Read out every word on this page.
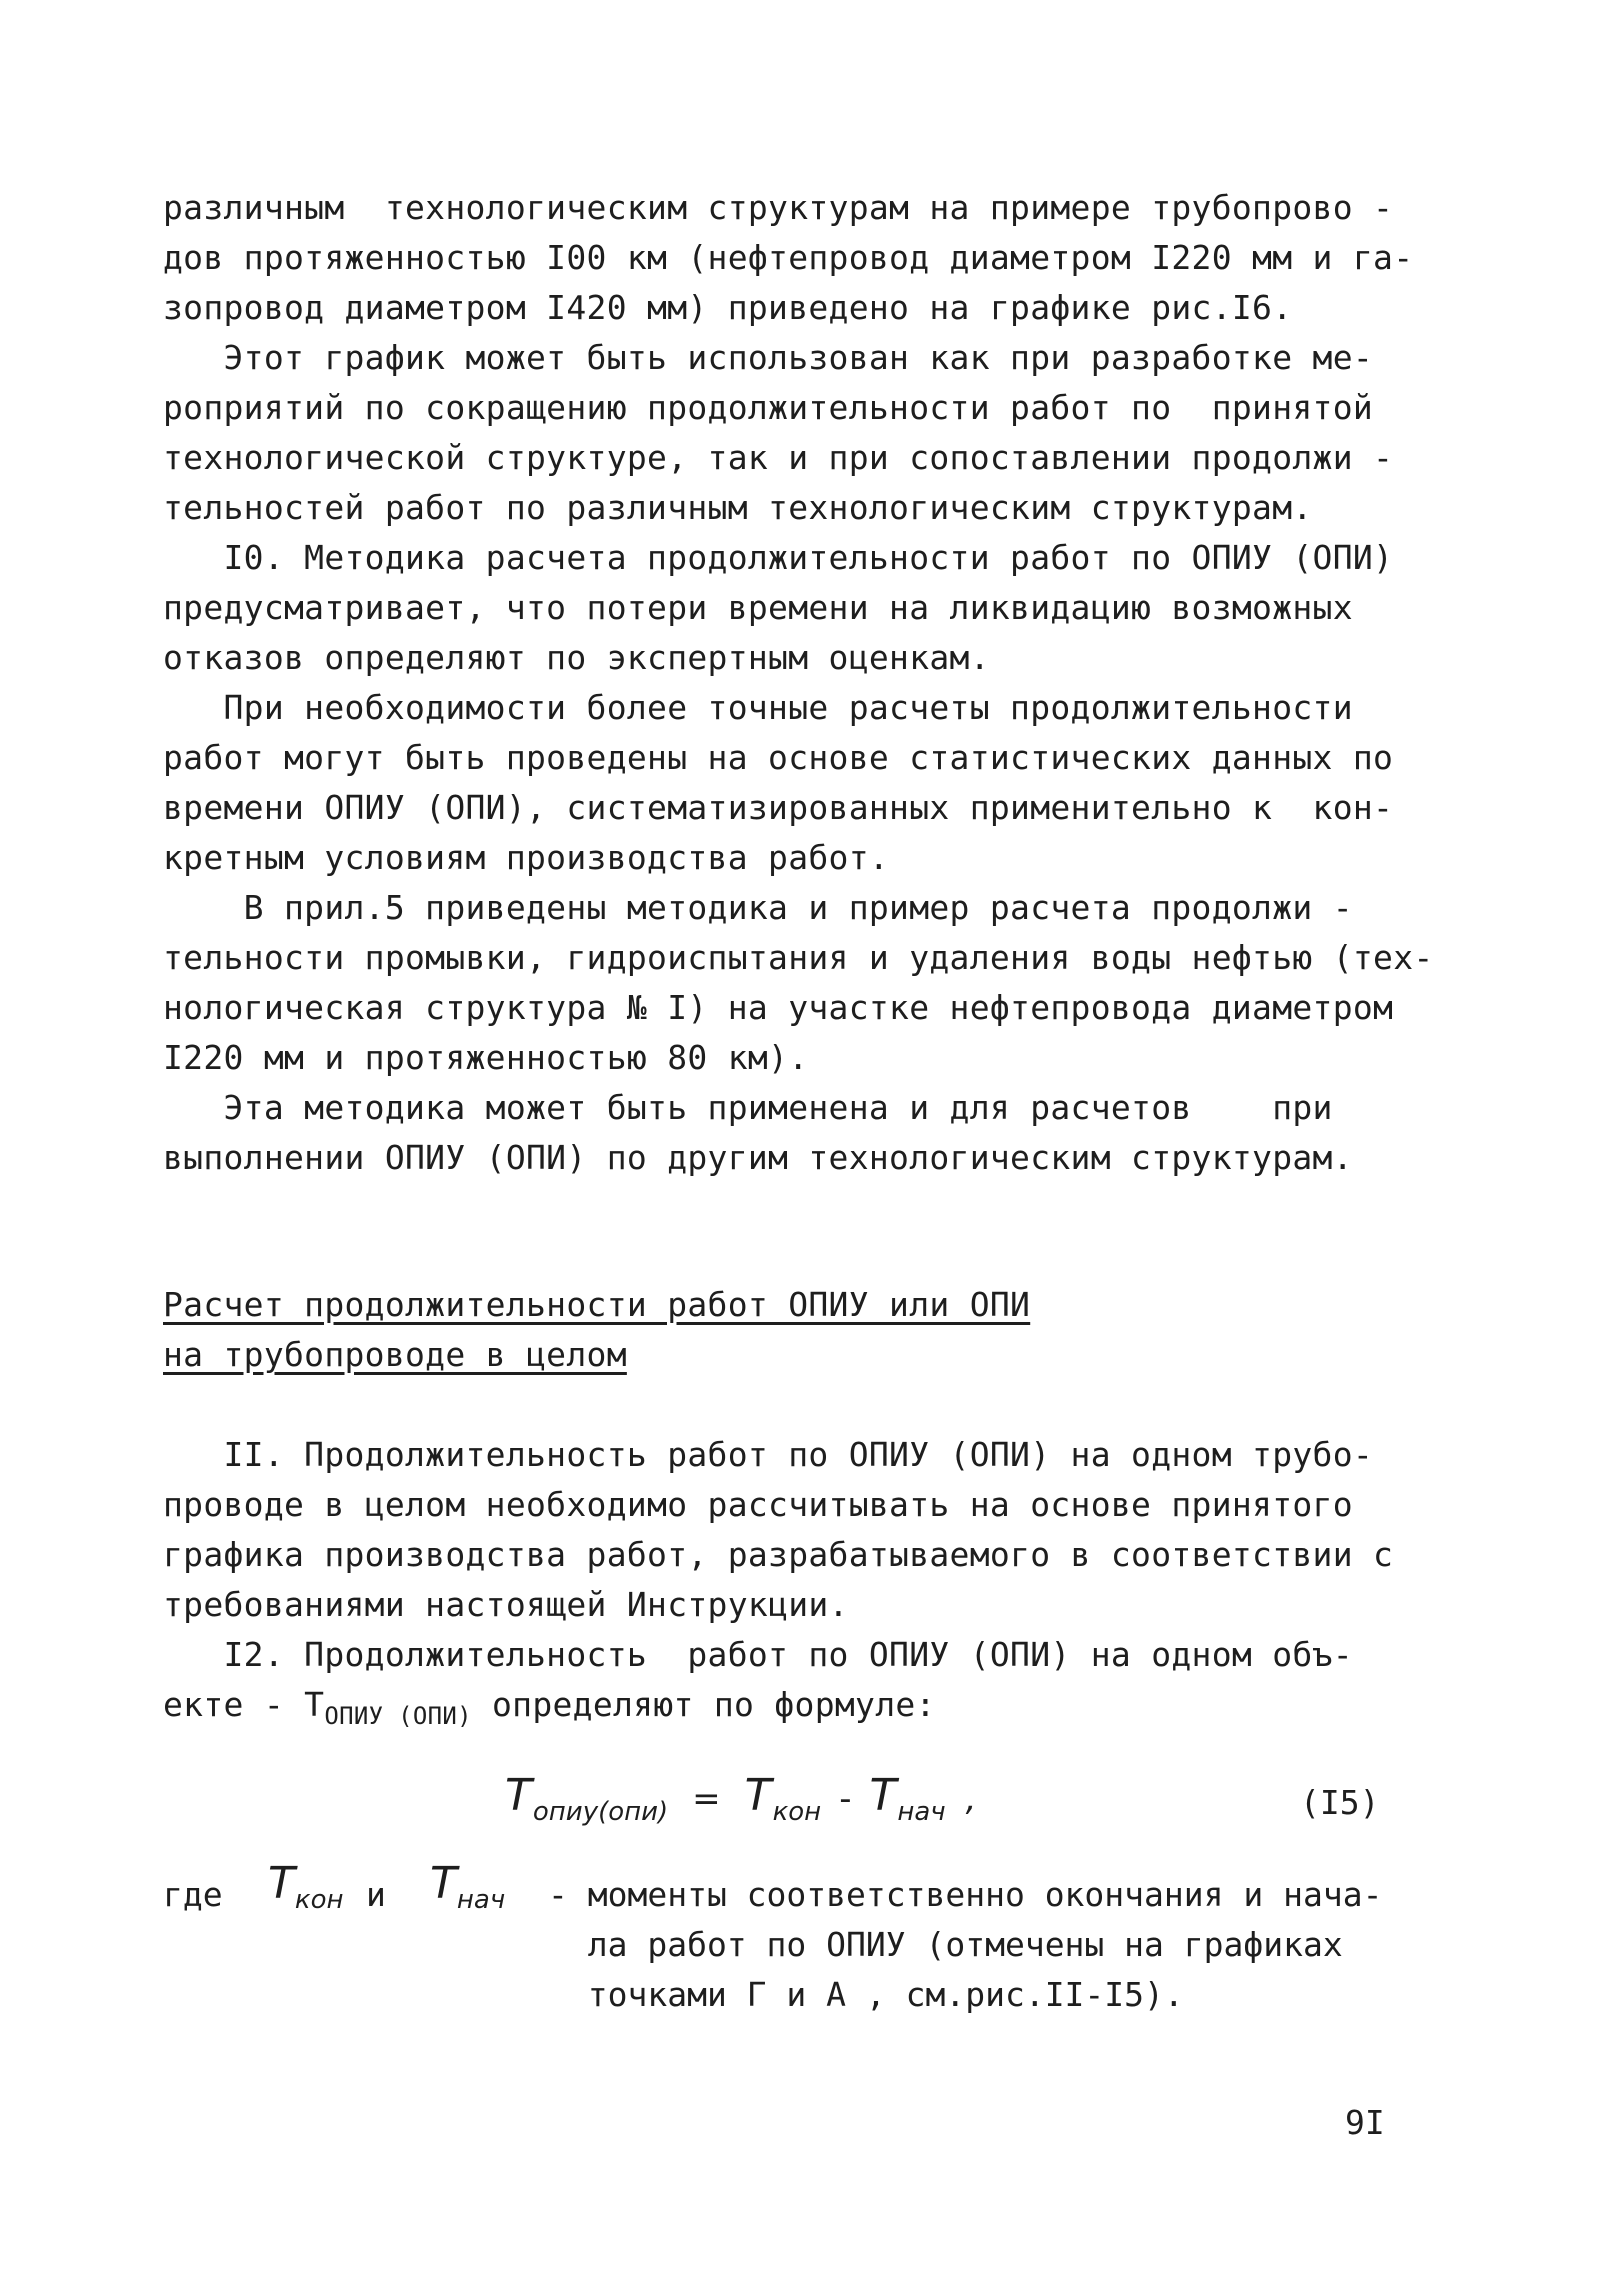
различным  технологическим структурам на примере трубопрово -
дов протяженностью I00 км (нефтепровод диаметром I220 мм и га-
зопровод диаметром I420 мм) приведено на графике рис.I6.
Этот график может быть использован как при разработке ме-
роприятий по сокращению продолжительности работ по  принятой
технологической структуре, так и при сопоставлении продолжи -
тельностей работ по различным технологическим структурам.
I0. Методика расчета продолжительности работ по ОПИУ (ОПИ)
предусматривает, что потери времени на ликвидацию возможных
отказов определяют по экспертным оценкам.
При необходимости более точные расчеты продолжительности
работ могут быть проведены на основе статистических данных по
времени ОПИУ (ОПИ), систематизированных применительно к  кон-
кретным условиям производства работ.
В прил.5 приведены методика и пример расчета продолжи -
тельности промывки, гидроиспытания и удаления воды нефтью (тех-
нологическая структура № I) на участке нефтепровода диаметром
I220 мм и протяженностью 80 км).
Эта методика может быть применена и для расчетов    при
выполнении ОПИУ (ОПИ) по другим технологическим структурам.
Расчет продолжительности работ ОПИУ или ОПИ
на трубопроводе в целом
II. Продолжительность работ по ОПИУ (ОПИ) на одном трубо-
проводе в целом необходимо рассчитывать на основе принятого
графика производства работ, разрабатываемого в соответствии с
требованиями настоящей Инструкции.
I2. Продолжительность  работ по ОПИУ (ОПИ) на одном объ-
екте - $Т_{ОПИУ (ОПИ)}$ определяют по формуле:
$T_{опиу(опи)} = T_{кон} - T_{нач}$ ,	(I5)
где $T_{кон}$ и $T_{нач}$ - моменты соответственно окончания и нача-
ла работ по ОПИУ (отмечены на графиках
точками Г и А , см.рис.II-I5).
9I
